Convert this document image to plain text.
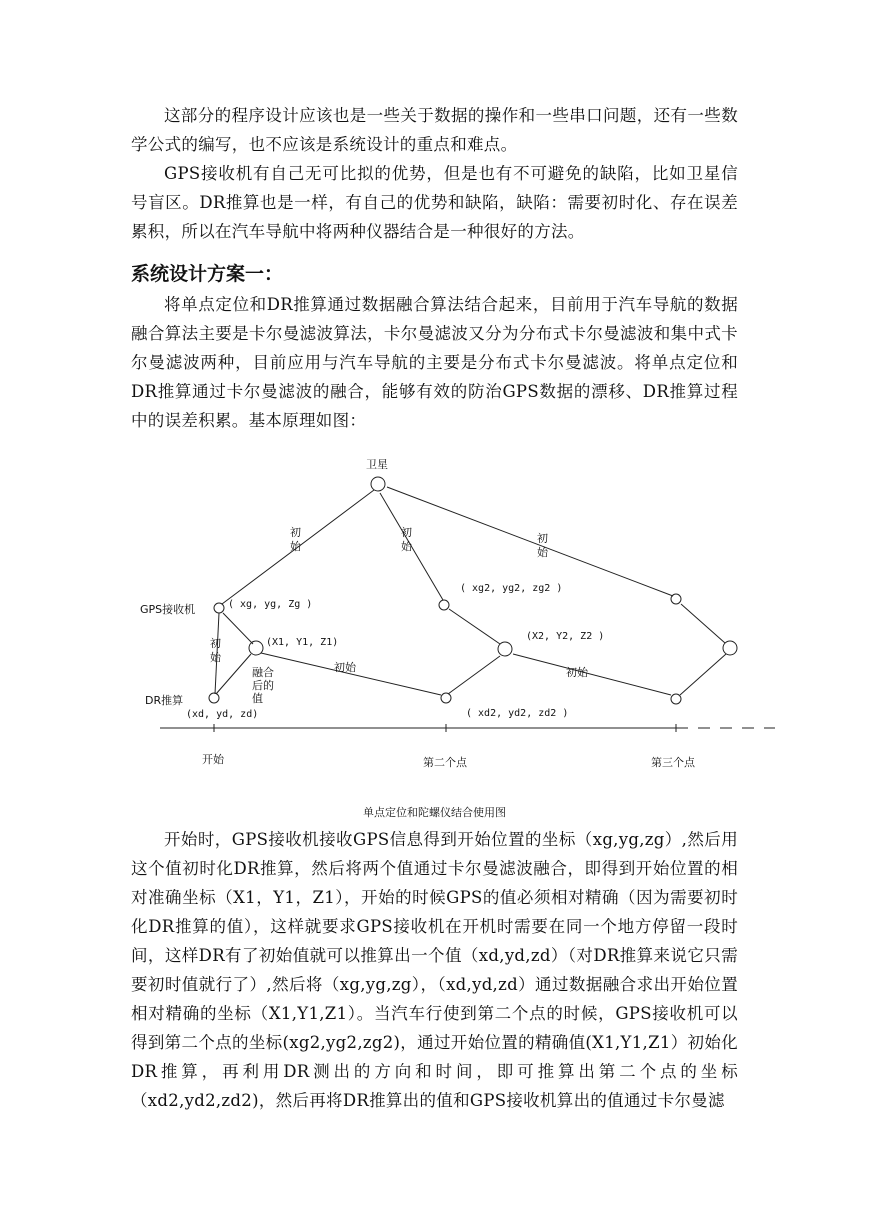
这部分的程序设计应该也是一些关于数据的操作和一些串口问题，还有一些数学公式的编写，也不应该是系统设计的重点和难点。

GPS接收机有自己无可比拟的优势，但是也有不可避免的缺陷，比如卫星信号盲区。DR推算也是一样，有自己的优势和缺陷，缺陷：需要初时化、存在误差累积，所以在汽车导航中将两种仪器结合是一种很好的方法。

系统设计方案一：

将单点定位和DR推算通过数据融合算法结合起来，目前用于汽车导航的数据融合算法主要是卡尔曼滤波算法，卡尔曼滤波又分为分布式卡尔曼滤波和集中式卡尔曼滤波两种，目前应用与汽车导航的主要是分布式卡尔曼滤波。将单点定位和DR推算通过卡尔曼滤波的融合，能够有效的防治GPS数据的漂移、DR推算过程中的误差积累。基本原理如图：

卫星
初
始
初
始
初
始
GPS接收机
DR推算
( xg, yg, Zg )
(X1, Y1, Z1)
(xd, yd, zd)
初
始
融合
后的
值
初始
( xg2, yg2, zg2 )
(X2, Y2, Z2 )
( xd2, yd2, zd2 )
初始
开始	第二个点	第三个点

单点定位和陀螺仪结合使用图

开始时，GPS接收机接收GPS信息得到开始位置的坐标（xg,yg,zg）,然后用这个值初时化DR推算，然后将两个值通过卡尔曼滤波融合，即得到开始位置的相对准确坐标（X1，Y1，Z1），开始的时候GPS的值必须相对精确（因为需要初时化DR推算的值），这样就要求GPS接收机在开机时需要在同一个地方停留一段时间，这样DR有了初始值就可以推算出一个值（xd,yd,zd）（对DR推算来说它只需要初时值就行了）,然后将（xg,yg,zg），（xd,yd,zd）通过数据融合求出开始位置相对精确的坐标（X1,Y1,Z1）。当汽车行使到第二个点的时候，GPS接收机可以得到第二个点的坐标(xg2,yg2,zg2)，通过开始位置的精确值(X1,Y1,Z1）初始化DR推算，再利用DR测出的方向和时间，即可推算出第二个点的坐标（xd2,yd2,zd2)，然后再将DR推算出的值和GPS接收机算出的值通过卡尔曼滤
